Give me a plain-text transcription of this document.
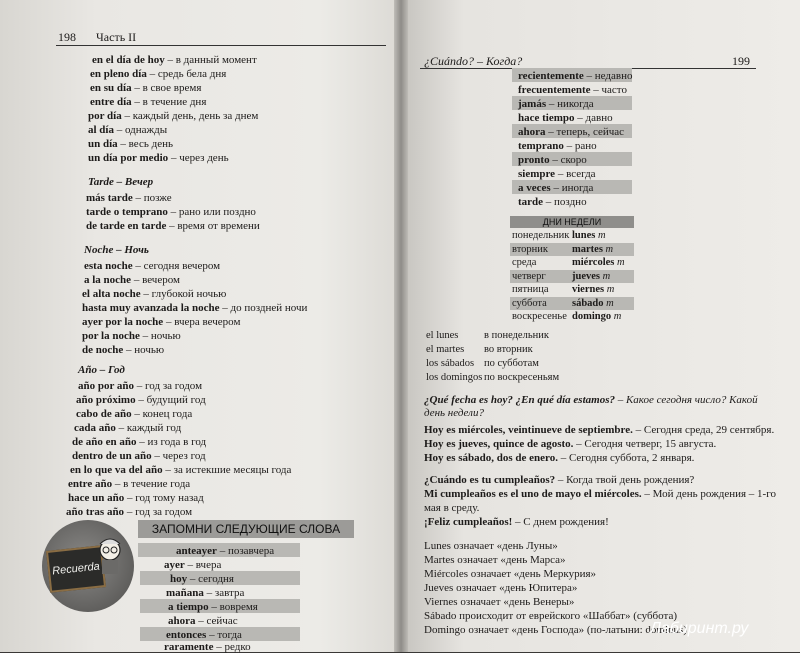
198 Часть II
en el día de hoy – в данный момент
en pleno día – средь бела дня
en su día – в свое время
entre día – в течение дня
por día – каждый день, день за днем
al día – однажды
un día – весь день
un día por medio – через день
Tarde – Вечер
más tarde – позже
tarde o temprano – рано или поздно
de tarde en tarde – время от времени
Noche – Ночь
esta noche – сегодня вечером
a la noche – вечером
el alta noche – глубокой ночью
hasta muy avanzada la noche – до поздней ночи
ayer por la noche – вчера вечером
por la noche – ночью
de noche – ночью
Año – Год
año por año – год за годом
año próximo – будущий год
cabo de año – конец года
cada año – каждый год
de año en año – из года в год
dentro de un año – через год
en lo que va del año – за истекшие месяцы года
entre año – в течение года
hace un año – год тому назад
año tras año – год за годом
Recuerda
ЗАПОМНИ СЛЕДУЮЩИЕ СЛОВА
anteayer – позавчера
ayer – вчера
hoy – сегодня
mañana – завтра
a tiempo – вовремя
ahora – сейчас
entonces – тогда
raramente – редко
¿Cuándo? – Когда?	199
recientemente – недавно
frecuentemente – часто
jamás – никогда
hace tiempo – давно
ahora – теперь, сейчас
temprano – рано
pronto – скоро
siempre – всегда
a veces – иногда
tarde – поздно
ДНИ НЕДЕЛИ
понедельник lunes m
вторник martes m
среда	miércoles m
четверг	jueves m
пятница viernes m
суббота sábado m
воскресенье domingo m
el lunes в понедельник
el martes во вторник
los sábados по субботам
los domingos по воскресеньям
¿Qué fecha es hoy? ¿En qué día estamos? – Какое сегодня число? Какой день недели?
Hoy es miércoles, veintinueve de septiembre. – Сегодня среда, 29 сентября.
Hoy es jueves, quince de agosto. – Сегодня четверг, 15 августа.
Hoy es sábado, dos de enero. – Сегодня суббота, 2 января.
¿Cuándo es tu cumpleaños? – Когда твой день рождения?
Mi cumpleaños es el uno de mayo el miércoles. – Мой день рождения – 1-го
мая в среду.
¡Feliz cumpleaños! – С днем рождения!
Lunes означает «день Луны»
Martes означает «день Марса»
Miércoles означает «день Меркурия»
Jueves означает «день Юпитера»
Viernes означает «день Венеры»
Sábado происходит от еврейского «Шаббат» (суббота)
Domingo означает «день Господа» (по-латыни: dominus)
Лабиринт.ру
